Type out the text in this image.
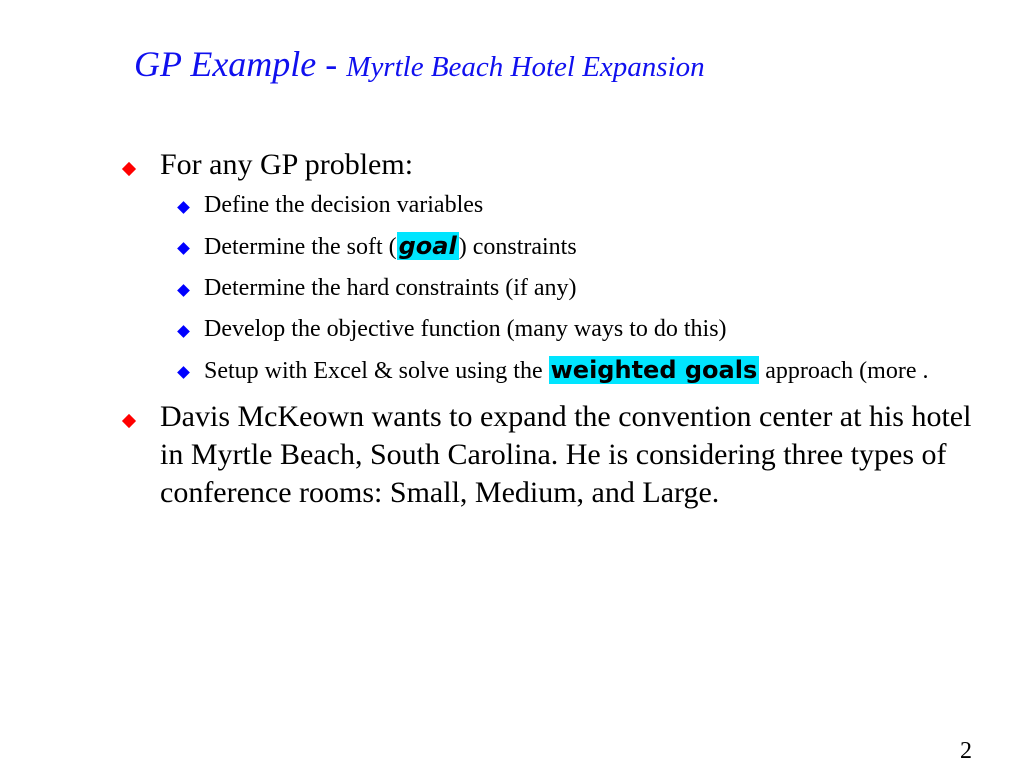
GP Example - Myrtle Beach Hotel Expansion
For any GP problem:
Define the decision variables
Determine the soft (goal) constraints
Determine the hard constraints (if any)
Develop the objective function (many ways to do this)
Setup with Excel & solve using the weighted goals approach (more .
Davis McKeown wants to expand the convention center at his hotel in Myrtle Beach, South Carolina. He is considering three types of conference rooms: Small, Medium, and Large.
2
